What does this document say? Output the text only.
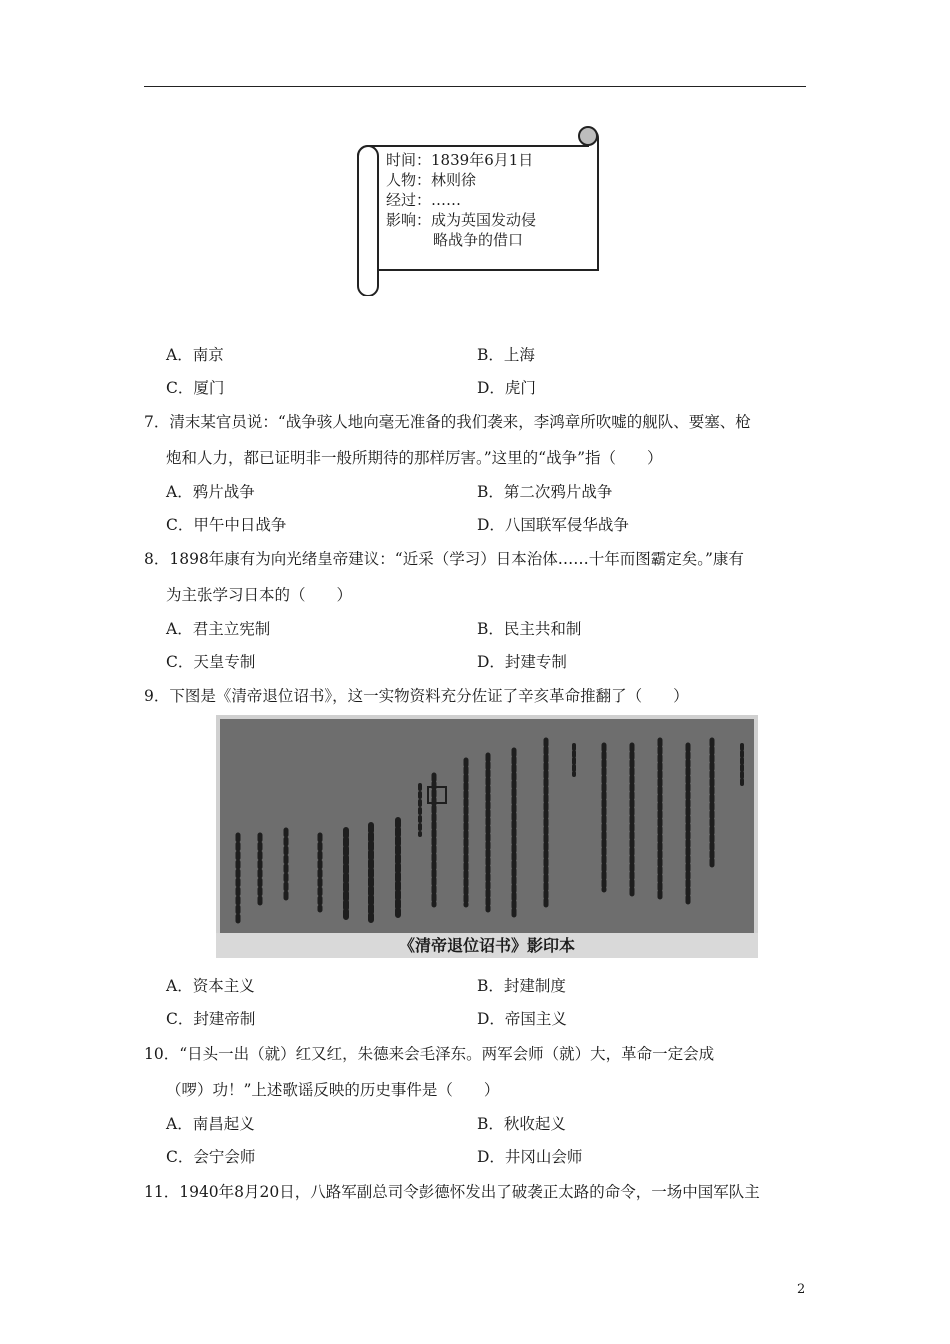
时间：1839年6月1日
人物：林则徐
经过：……
影响：成为英国发动侵
略战争的借口
A．南京	B．上海
C．厦门	D．虎门
7．清末某官员说：“战争骇人地向毫无准备的我们袭来，李鸿章所吹嘘的舰队、要塞、枪
炮和人力，都已证明非一般所期待的那样厉害。”这里的“战争”指（　　）
A．鸦片战争	B．第二次鸦片战争
C．甲午中日战争	D．八国联军侵华战争
8．1898年康有为向光绪皇帝建议：“近采（学习）日本治体……十年而图霸定矣。”康有
为主张学习日本的（　　）
A．君主立宪制	B．民主共和制
C．天皇专制	D．封建专制
9．下图是《清帝退位诏书》，这一实物资料充分佐证了辛亥革命推翻了（　　）
《清帝退位诏书》影印本
A．资本主义	B．封建制度
C．封建帝制	D．帝国主义
10．“日头一出（就）红又红，朱德来会毛泽东。两军会师（就）大，革命一定会成
（啰）功！”上述歌谣反映的历史事件是（　　）
A．南昌起义	B．秋收起义
C．会宁会师	D．井冈山会师
11．1940年8月20日，八路军副总司令彭德怀发出了破袭正太路的命令，一场中国军队主
2
